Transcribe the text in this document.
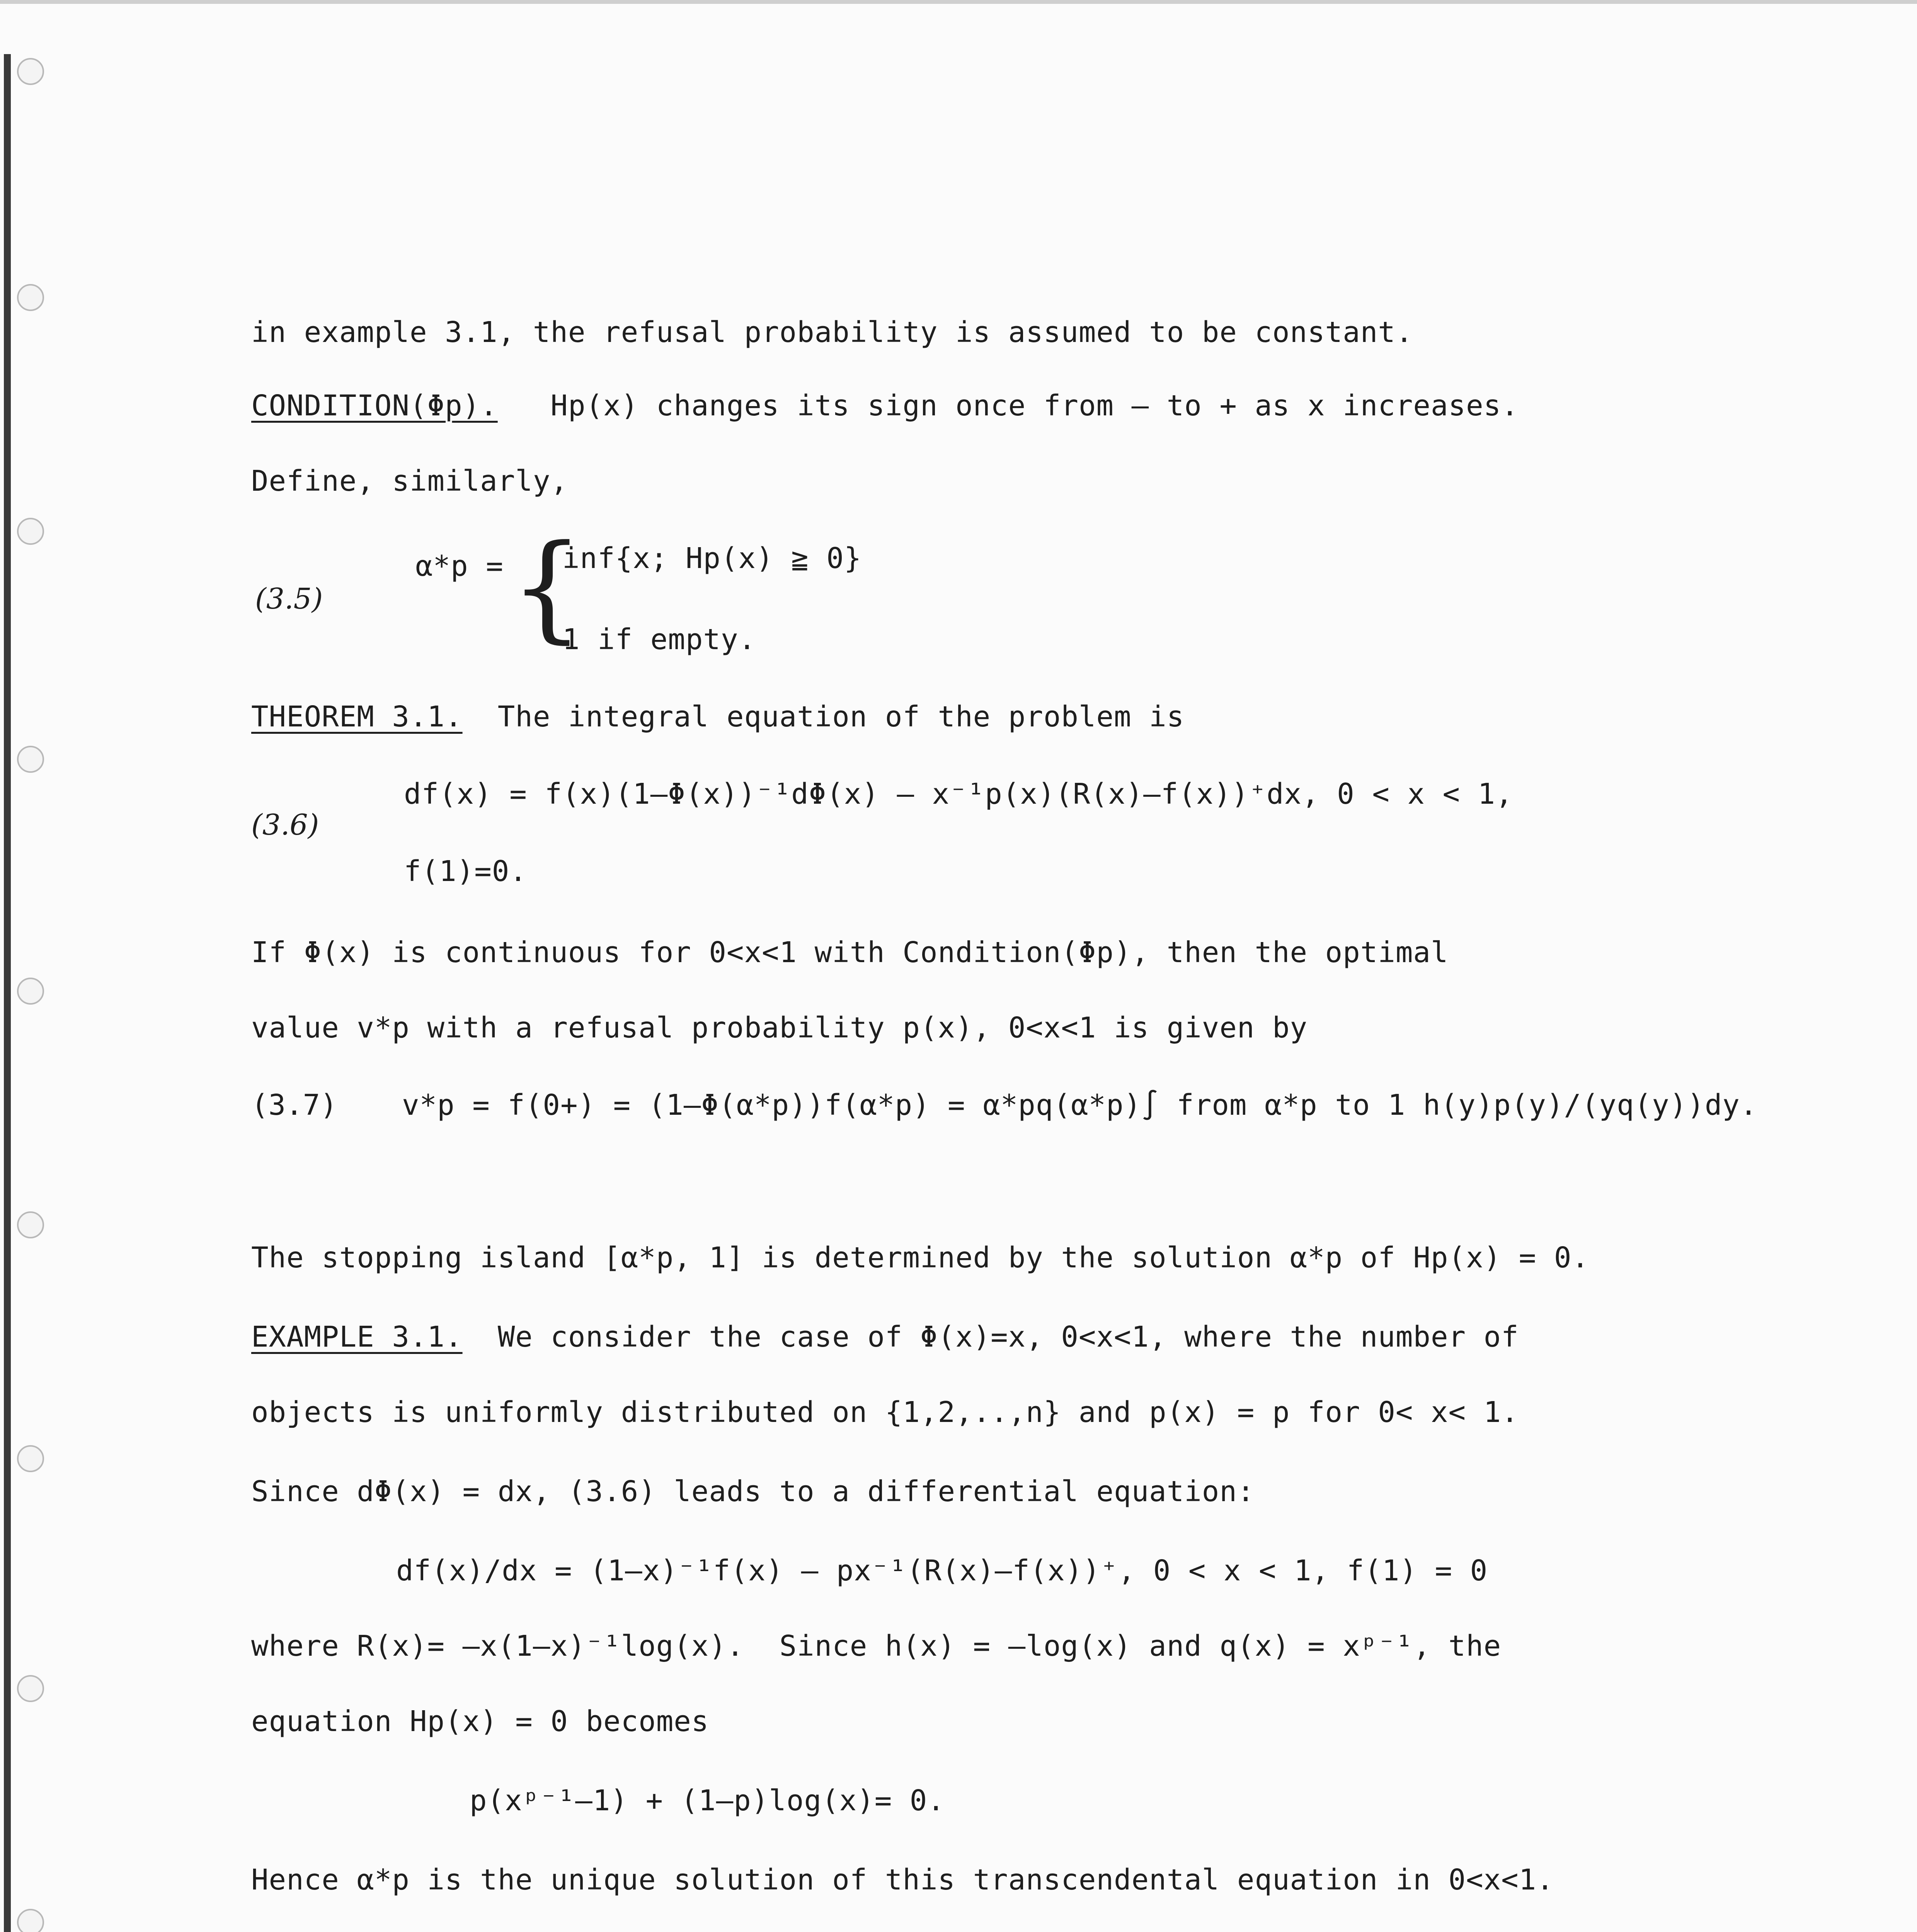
in example 3.1, the refusal probability is assumed to be constant.
CONDITION(Φp).   Hp(x) changes its sign once from – to + as x increases.
Define, similarly,
(3.5)
α*p = {
inf{x; Hp(x) ≧ 0}
1 if empty.
THEOREM 3.1.  The integral equation of the problem is
(3.6)
df(x) = f(x)(1–Φ(x))⁻¹dΦ(x) – x⁻¹p(x)(R(x)–f(x))⁺dx, 0 < x < 1,
f(1)=0.
If Φ(x) is continuous for 0<x<1 with Condition(Φp), then the optimal
value v*p with a refusal probability p(x), 0<x<1 is given by
(3.7) v*p = f(0+) = (1–Φ(α*p))f(α*p) = α*pq(α*p)∫ from α*p to 1 h(y)p(y)/(yq(y))dy.
The stopping island [α*p, 1] is determined by the solution α*p of Hp(x) = 0.
EXAMPLE 3.1.  We consider the case of Φ(x)=x, 0<x<1, where the number of
objects is uniformly distributed on {1,2,..,n} and p(x) = p for 0< x< 1.
Since dΦ(x) = dx, (3.6) leads to a differential equation:
df(x)/dx = (1–x)⁻¹f(x) – px⁻¹(R(x)–f(x))⁺, 0 < x < 1, f(1) = 0
where R(x)= –x(1–x)⁻¹log(x).  Since h(x) = –log(x) and q(x) = xᵖ⁻¹, the
equation Hp(x) = 0 becomes
p(xᵖ⁻¹–1) + (1–p)log(x)= 0.
Hence α*p is the unique solution of this transcendental equation in 0<x<1.
